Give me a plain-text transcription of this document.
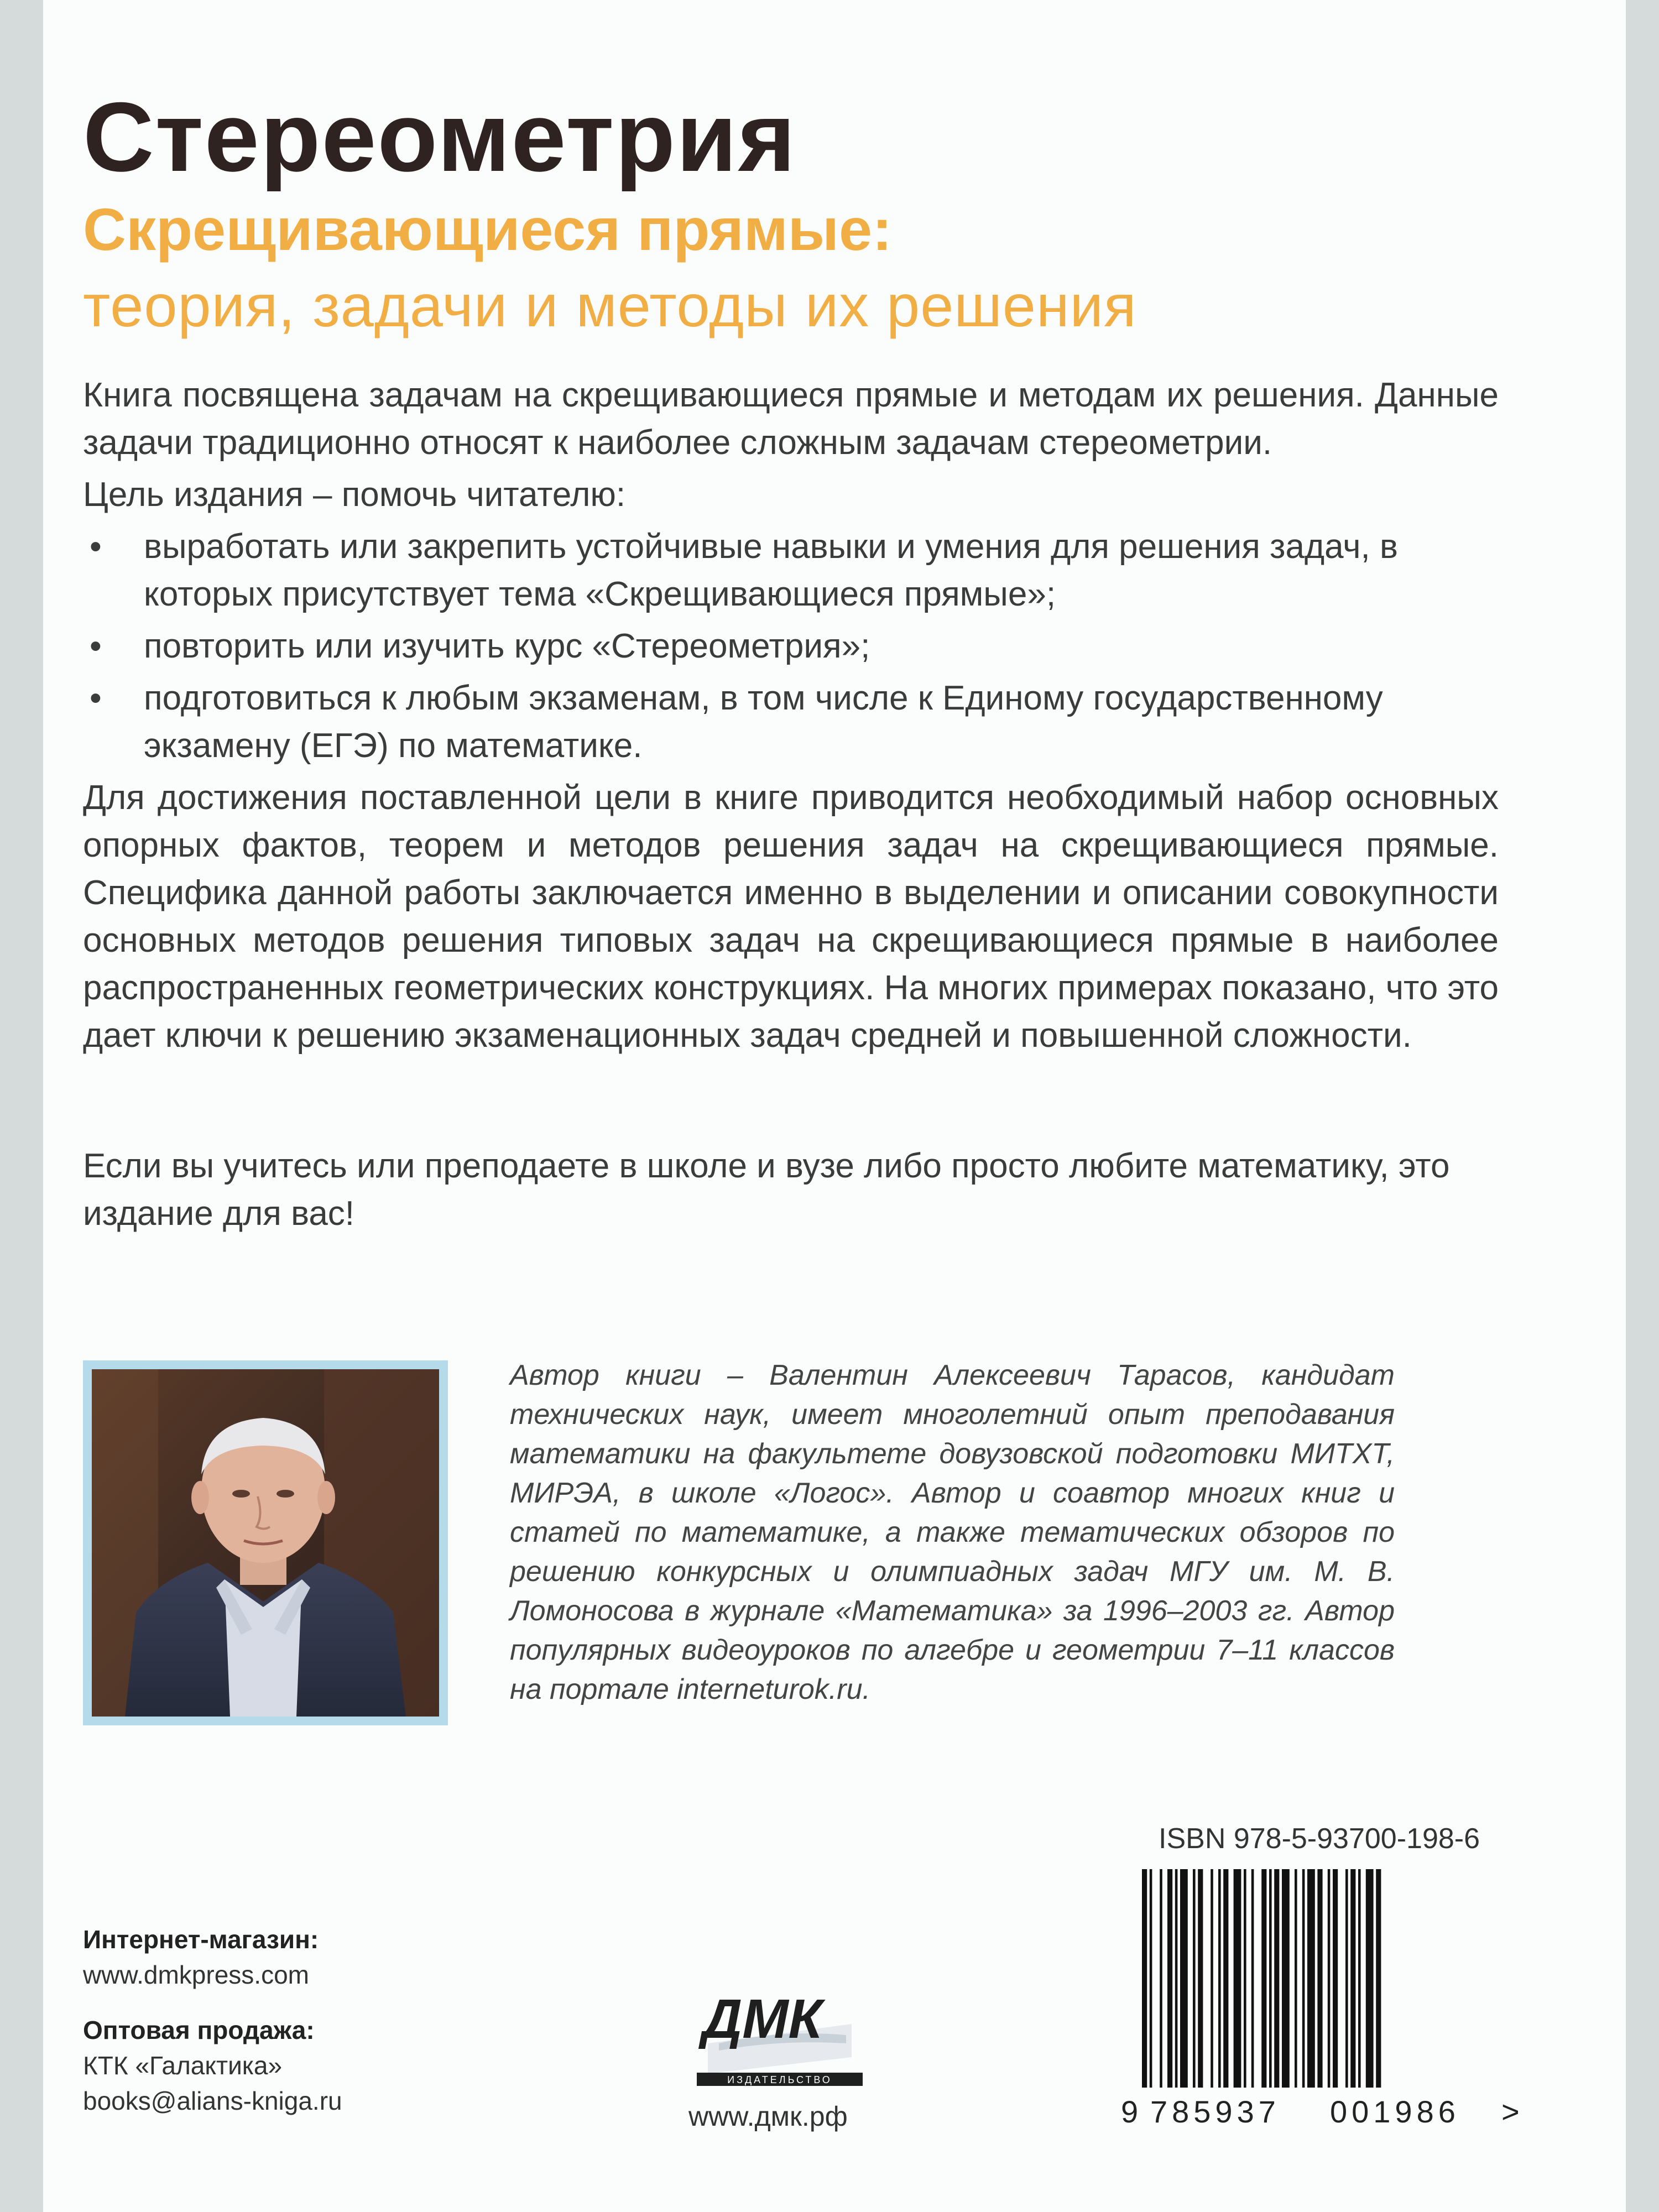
Стереометрия
Скрещивающиеся прямые:
теория, задачи и методы их решения

Книга посвящена задачам на скрещивающиеся прямые и методам их решения. Данные задачи традиционно относят к наиболее сложным задачам стереометрии.

Цель издания – помочь читателю:

• выработать или закрепить устойчивые навыки и умения для решения задач, в которых присутствует тема «Скрещивающиеся прямые»;
• повторить или изучить курс «Стереометрия»;
• подготовиться к любым экзаменам, в том числе к Единому государственному экзамену (ЕГЭ) по математике.

Для достижения поставленной цели в книге приводится необходимый набор основных опорных фактов, теорем и методов решения задач на скрещивающиеся прямые. Специфика данной работы заключается именно в выделении и описании совокупности основных методов решения типовых задач на скрещивающиеся прямые в наиболее распространенных геометрических конструкциях. На многих примерах показано, что это дает ключи к решению экзаменационных задач средней и повышенной сложности.

Если вы учитесь или преподаете в школе и вузе либо просто любите математику, это издание для вас!

Автор книги – Валентин Алексеевич Тарасов, кандидат технических наук, имеет многолетний опыт преподавания математики на факультете довузовской подготовки МИТХТ, МИРЭА, в школе «Логос». Автор и соавтор многих книг и статей по математике, а также тематических обзоров по решению конкурсных и олимпиадных задач МГУ им. М. В. Ломоносова в журнале «Математика» за 1996–2003 гг. Автор популярных видеоуроков по алгебре и геометрии 7–11 классов на портале interneturok.ru.
ISBN 978-5-93700-198-6
9 785937 001986 >
Интернет-магазин:
www.dmkpress.com
Оптовая продажа:
КТК «Галактика»
books@alians-kniga.ru
ДМК
ИЗДАТЕЛЬСТВО
www.дмк.рф
